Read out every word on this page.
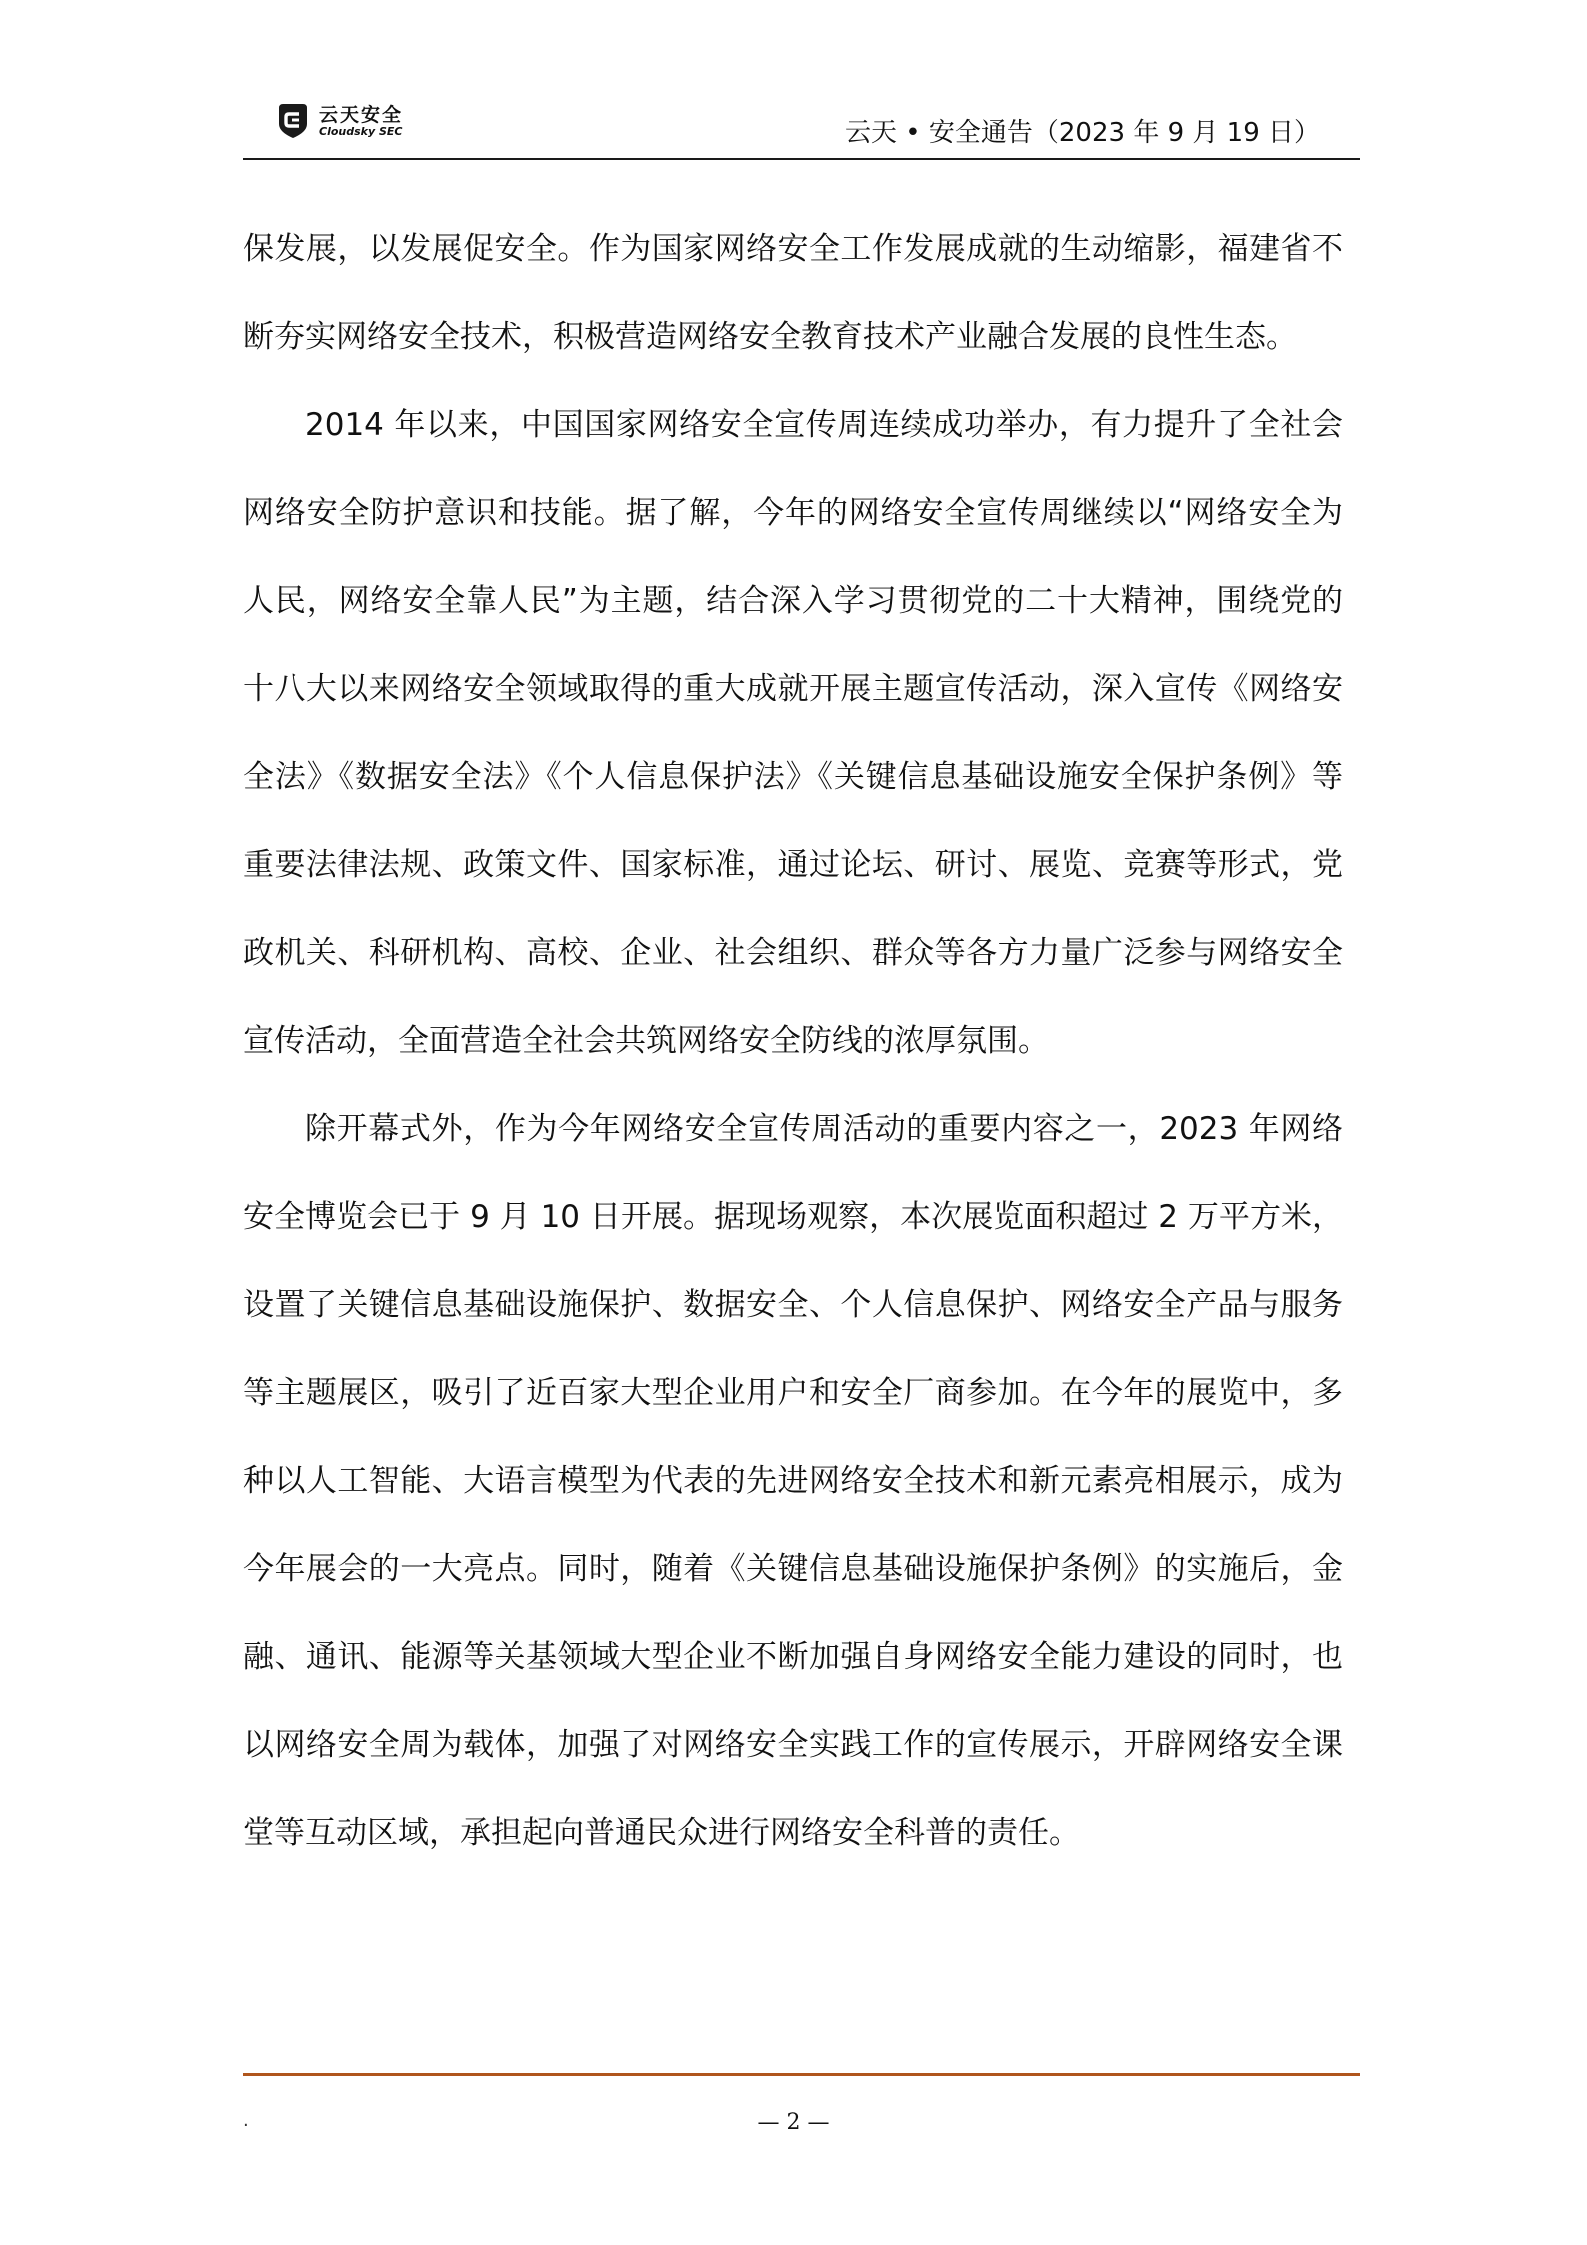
云天安全
Cloudsky SEC	云天 • 安全通告（2023 年 9 月 19 日）

保发展，以发展促安全。作为国家网络安全工作发展成就的生动缩影，福建省不断夯实网络安全技术，积极营造网络安全教育技术产业融合发展的良性生态。

2014 年以来，中国国家网络安全宣传周连续成功举办，有力提升了全社会网络安全防护意识和技能。据了解，今年的网络安全宣传周继续以“网络安全为人民，网络安全靠人民”为主题，结合深入学习贯彻党的二十大精神，围绕党的十八大以来网络安全领域取得的重大成就开展主题宣传活动，深入宣传《网络安全法》《数据安全法》《个人信息保护法》《关键信息基础设施安全保护条例》等重要法律法规、政策文件、国家标准，通过论坛、研讨、展览、竞赛等形式，党政机关、科研机构、高校、企业、社会组织、群众等各方力量广泛参与网络安全宣传活动，全面营造全社会共筑网络安全防线的浓厚氛围。

除开幕式外，作为今年网络安全宣传周活动的重要内容之一，2023 年网络安全博览会已于 9 月 10 日开展。据现场观察，本次展览面积超过 2 万平方米，设置了关键信息基础设施保护、数据安全、个人信息保护、网络安全产品与服务等主题展区，吸引了近百家大型企业用户和安全厂商参加。在今年的展览中，多种以人工智能、大语言模型为代表的先进网络安全技术和新元素亮相展示，成为今年展会的一大亮点。同时，随着《关键信息基础设施保护条例》的实施后，金融、通讯、能源等关基领域大型企业不断加强自身网络安全能力建设的同时，也以网络安全周为载体，加强了对网络安全实践工作的宣传展示，开辟网络安全课堂等互动区域，承担起向普通民众进行网络安全科普的责任。

.	— 2 —
